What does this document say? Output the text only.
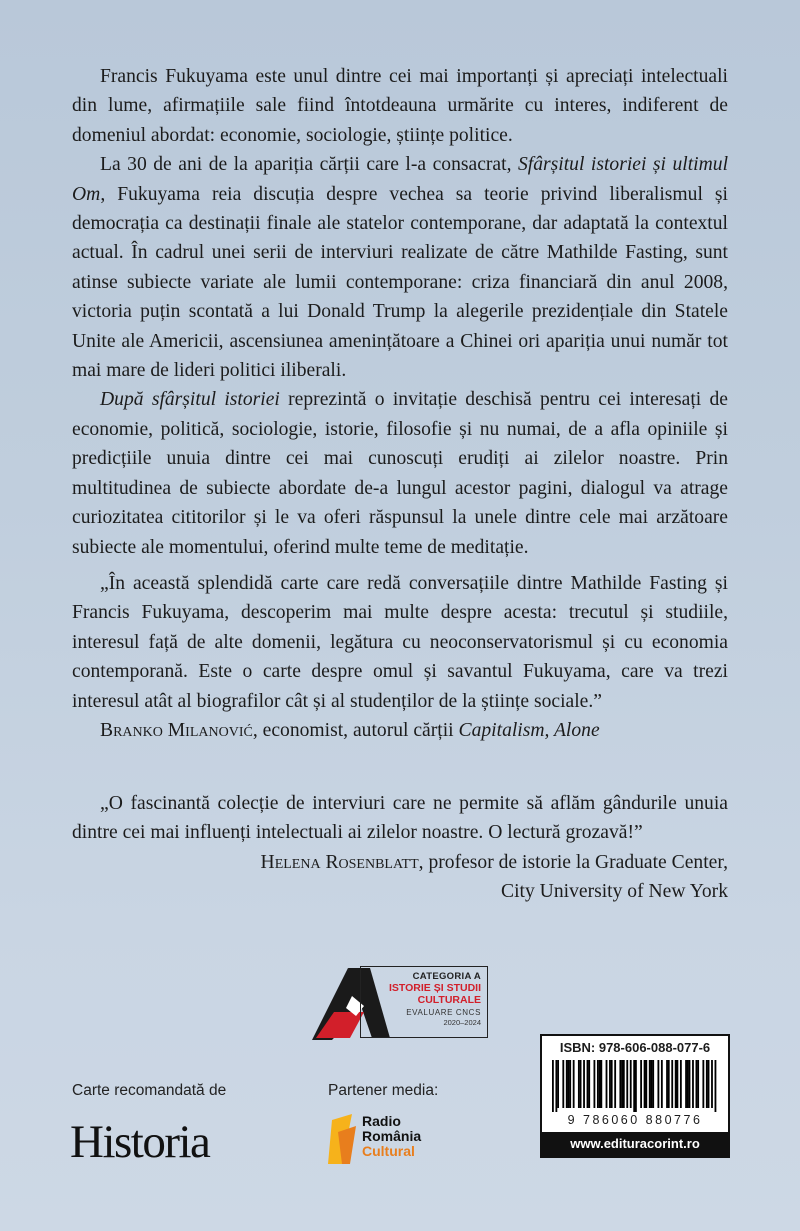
Francis Fukuyama este unul dintre cei mai importanți și apreciați intelectuali din lume, afirmațiile sale fiind întotdeauna urmărite cu interes, indiferent de domeniul abordat: economie, sociologie, științe politice.

La 30 de ani de la apariția cărții care l-a consacrat, Sfârșitul istoriei și ultimul Om, Fukuyama reia discuția despre vechea sa teorie privind liberalismul și democrația ca destinații finale ale statelor contemporane, dar adaptată la contextul actual. În cadrul unei serii de interviuri realizate de către Mathilde Fasting, sunt atinse subiecte variate ale lumii contemporane: criza financiară din anul 2008, victoria puțin scontată a lui Donald Trump la alegerile prezidențiale din Statele Unite ale Americii, ascensiunea amenințătoare a Chinei ori apariția unui număr tot mai mare de lideri politici iliberali.

După sfârșitul istoriei reprezintă o invitație deschisă pentru cei interesați de economie, politică, sociologie, istorie, filosofie și nu numai, de a afla opiniile și predicțiile unuia dintre cei mai cunoscuți erudiți ai zilelor noastre. Prin multitudinea de subiecte abordate de-a lungul acestor pagini, dialogul va atrage curiozitatea cititorilor și le va oferi răspunsul la unele dintre cele mai arzătoare subiecte ale momentului, oferind multe teme de meditație.

„În această splendidă carte care redă conversațiile dintre Mathilde Fasting și Francis Fukuyama, descoperim mai multe despre acesta: trecutul și studiile, interesul față de alte domenii, legătura cu neoconservatorismul și cu economia contemporană. Este o carte despre omul și savantul Fukuyama, care va trezi interesul atât al biografilor cât și al studenților de la științe sociale.”

Branko Milanović, economist, autorul cărții Capitalism, Alone

„O fascinantă colecție de interviuri care ne permite să aflăm gândurile unuia dintre cei mai influenți intelectuali ai zilelor noastre. O lectură grozavă!”

Helena Rosenblatt, profesor de istorie la Graduate Center,
City University of New York
CATEGORIA A
ISTORIE ȘI STUDII
CULTURALE
EVALUARE CNCS
2020–2024
ISBN: 978-606-088-077-6
9 786060 880776
www.edituracorint.ro
Carte recomandată de
Historia
Partener media:
Radio
România
Cultural
